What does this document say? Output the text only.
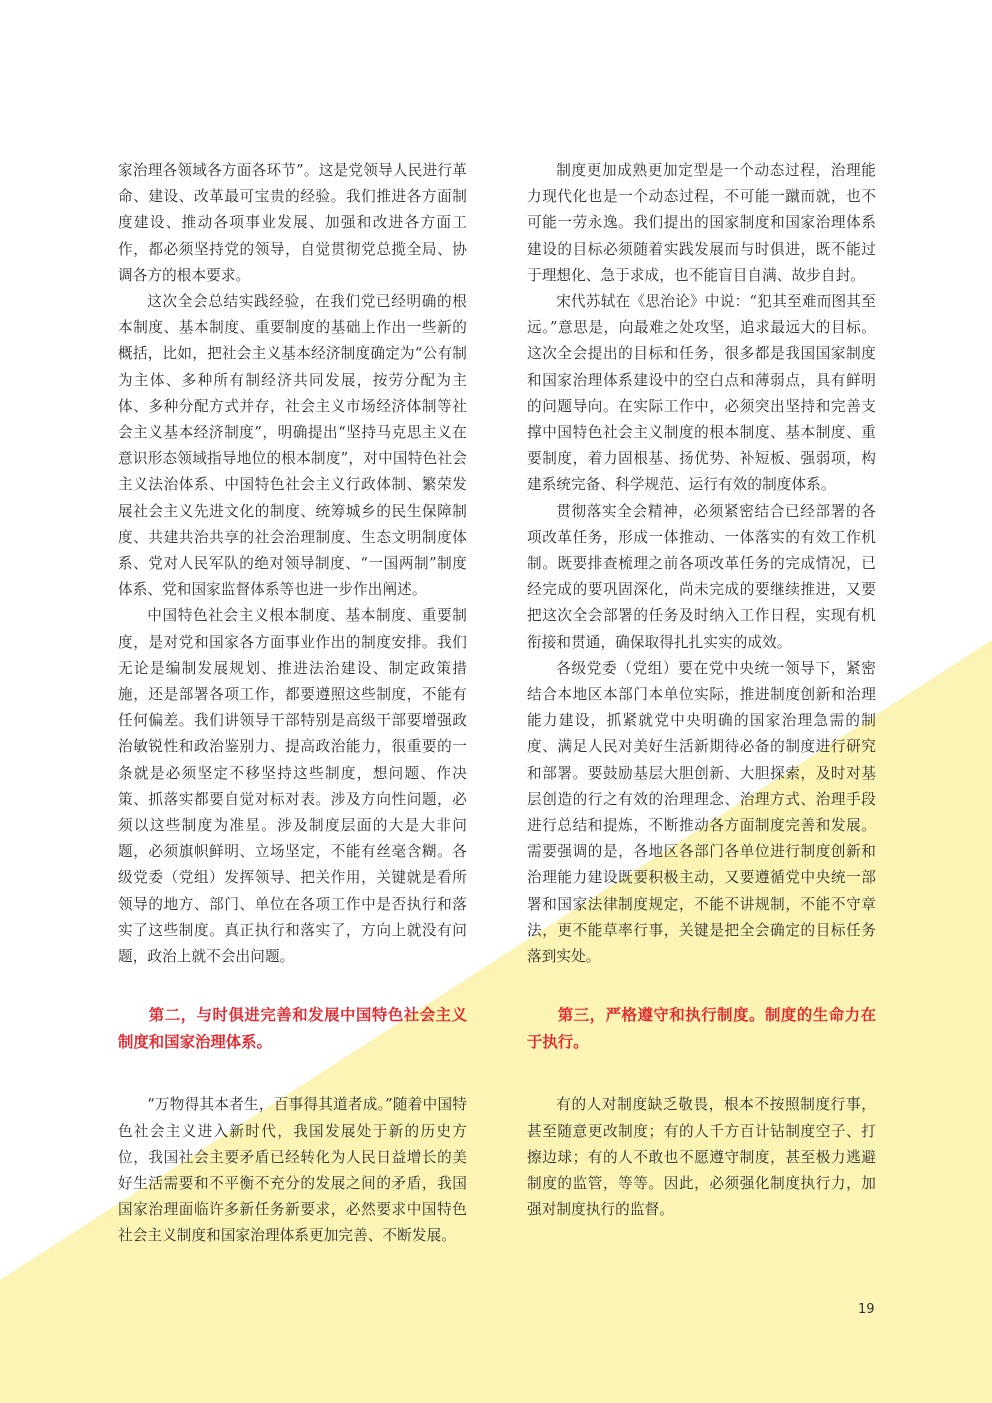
家治理各领域各方面各环节”。这是党领导人民进行革命、建设、改革最可宝贵的经验。我们推进各方面制度建设、推动各项事业发展、加强和改进各方面工作，都必须坚持党的领导，自觉贯彻党总揽全局、协调各方的根本要求。

这次全会总结实践经验，在我们党已经明确的根本制度、基本制度、重要制度的基础上作出一些新的概括，比如，把社会主义基本经济制度确定为“公有制为主体、多种所有制经济共同发展，按劳分配为主体、多种分配方式并存，社会主义市场经济体制等社会主义基本经济制度”，明确提出“坚持马克思主义在意识形态领域指导地位的根本制度”，对中国特色社会主义法治体系、中国特色社会主义行政体制、繁荣发展社会主义先进文化的制度、统筹城乡的民生保障制度、共建共治共享的社会治理制度、生态文明制度体系、党对人民军队的绝对领导制度、“一国两制”制度体系、党和国家监督体系等也进一步作出阐述。

中国特色社会主义根本制度、基本制度、重要制度，是对党和国家各方面事业作出的制度安排。我们无论是编制发展规划、推进法治建设、制定政策措施，还是部署各项工作，都要遵照这些制度，不能有任何偏差。我们讲领导干部特别是高级干部要增强政治敏锐性和政治鉴别力、提高政治能力，很重要的一条就是必须坚定不移坚持这些制度，想问题、作决策、抓落实都要自觉对标对表。涉及方向性问题，必须以这些制度为准星。涉及制度层面的大是大非问题，必须旗帜鲜明、立场坚定，不能有丝毫含糊。各级党委（党组）发挥领导、把关作用，关键就是看所领导的地方、部门、单位在各项工作中是否执行和落实了这些制度。真正执行和落实了，方向上就没有问题，政治上就不会出问题。

第二，与时俱进完善和发展中国特色社会主义制度和国家治理体系。

“万物得其本者生，百事得其道者成。”随着中国特色社会主义进入新时代，我国发展处于新的历史方位，我国社会主要矛盾已经转化为人民日益增长的美好生活需要和不平衡不充分的发展之间的矛盾，我国国家治理面临许多新任务新要求，必然要求中国特色社会主义制度和国家治理体系更加完善、不断发展。

制度更加成熟更加定型是一个动态过程，治理能力现代化也是一个动态过程，不可能一蹴而就，也不可能一劳永逸。我们提出的国家制度和国家治理体系建设的目标必须随着实践发展而与时俱进，既不能过于理想化、急于求成，也不能盲目自满、故步自封。

宋代苏轼在《思治论》中说：“犯其至难而图其至远。”意思是，向最难之处攻坚，追求最远大的目标。这次全会提出的目标和任务，很多都是我国国家制度和国家治理体系建设中的空白点和薄弱点，具有鲜明的问题导向。在实际工作中，必须突出坚持和完善支撑中国特色社会主义制度的根本制度、基本制度、重要制度，着力固根基、扬优势、补短板、强弱项，构建系统完备、科学规范、运行有效的制度体系。

贯彻落实全会精神，必须紧密结合已经部署的各项改革任务，形成一体推动、一体落实的有效工作机制。既要排查梳理之前各项改革任务的完成情况，已经完成的要巩固深化，尚未完成的要继续推进，又要把这次全会部署的任务及时纳入工作日程，实现有机衔接和贯通，确保取得扎扎实实的成效。

各级党委（党组）要在党中央统一领导下，紧密结合本地区本部门本单位实际，推进制度创新和治理能力建设，抓紧就党中央明确的国家治理急需的制度、满足人民对美好生活新期待必备的制度进行研究和部署。要鼓励基层大胆创新、大胆探索，及时对基层创造的行之有效的治理理念、治理方式、治理手段进行总结和提炼，不断推动各方面制度完善和发展。需要强调的是，各地区各部门各单位进行制度创新和治理能力建设既要积极主动，又要遵循党中央统一部署和国家法律制度规定，不能不讲规制，不能不守章法，更不能草率行事，关键是把全会确定的目标任务落到实处。

第三，严格遵守和执行制度。制度的生命力在于执行。

有的人对制度缺乏敬畏，根本不按照制度行事，甚至随意更改制度；有的人千方百计钻制度空子、打擦边球；有的人不敢也不愿遵守制度，甚至极力逃避制度的监管，等等。因此，必须强化制度执行力，加强对制度执行的监督。

19
